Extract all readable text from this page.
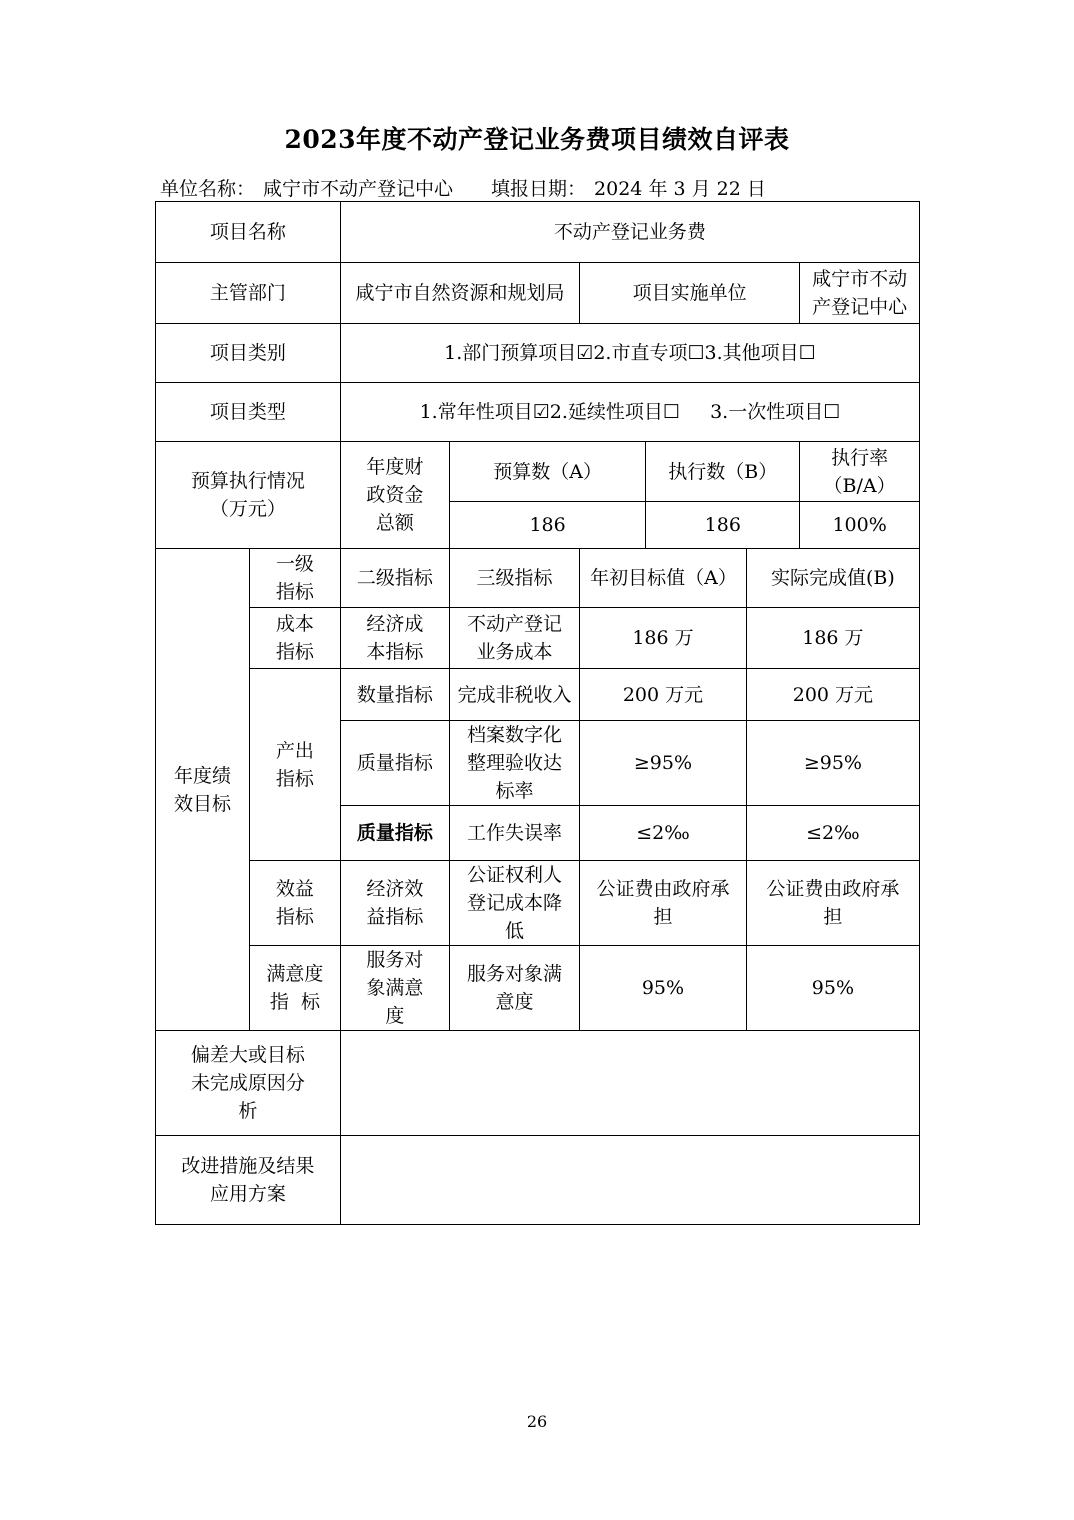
2023年度不动产登记业务费项目绩效自评表
单位名称： 咸宁市不动产登记中心 填报日期： 2024 年 3 月 22 日
项目名称		不动产登记业务费					
主管部门		咸宁市自然资源和规划局		项目实施单位			咸宁市不动产登记中心
项目类别		1.部门预算项目☑2.市直专项☐3.其他项目☐					
项目类型		1.常年性项目☑2.延续性项目☐     3.一次性项目☐					
预算执行情况（万元）		年度财政资金总额	预算数（A）		执行数（B）		执行率（B/A）
			186		186		100%
年度绩效目标	一级指标	二级指标	三级指标	年初目标值（A）		实际完成值(B)	
	成本指标	经济成本指标	不动产登记业务成本	186 万		186 万	
	产出指标	数量指标	完成非税收入	200 万元		200 万元	
		质量指标	档案数字化整理验收达标率	≥95%		≥95%	
		质量指标	工作失误率	≤2‰		≤2‰	
	效益指标	经济效益指标	公证权利人登记成本降低	公证费由政府承担		公证费由政府承担	
	满意度指  标	服务对象满意度	服务对象满意度	95%		95%	
偏差大或目标未完成原因分析							
改进措施及结果应用方案							
26
